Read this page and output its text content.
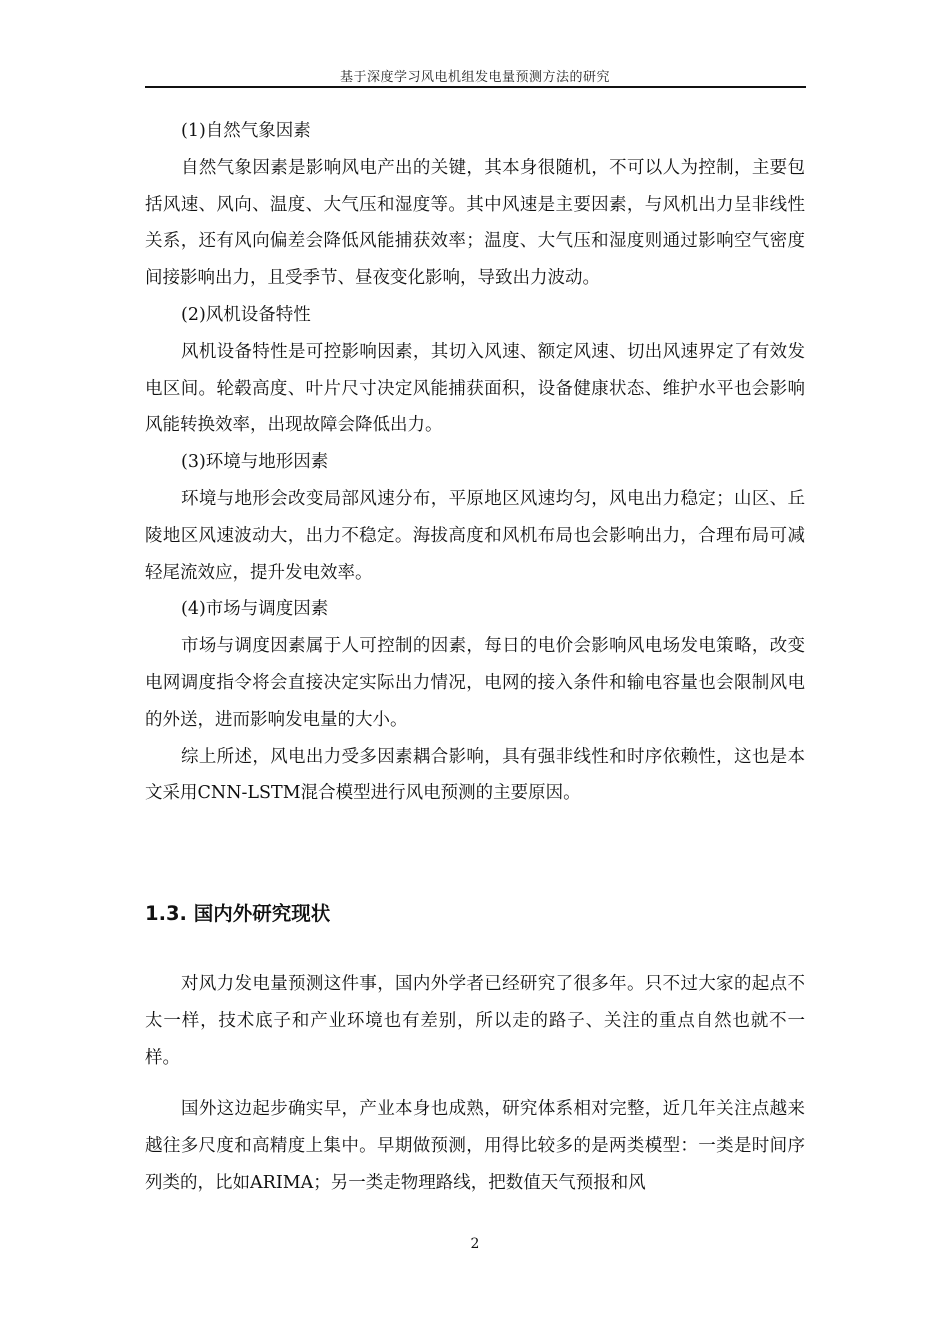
基于深度学习风电机组发电量预测方法的研究

(1)自然气象因素

自然气象因素是影响风电产出的关键，其本身很随机，不可以人为控制，主要包括风速、风向、温度、大气压和湿度等。其中风速是主要因素，与风机出力呈非线性关系，还有风向偏差会降低风能捕获效率；温度、大气压和湿度则通过影响空气密度间接影响出力，且受季节、昼夜变化影响，导致出力波动。

(2)风机设备特性

风机设备特性是可控影响因素，其切入风速、额定风速、切出风速界定了有效发电区间。轮毂高度、叶片尺寸决定风能捕获面积，设备健康状态、维护水平也会影响风能转换效率，出现故障会降低出力。

(3)环境与地形因素

环境与地形会改变局部风速分布，平原地区风速均匀，风电出力稳定；山区、丘陵地区风速波动大，出力不稳定。海拔高度和风机布局也会影响出力，合理布局可减轻尾流效应，提升发电效率。

(4)市场与调度因素

市场与调度因素属于人可控制的因素，每日的电价会影响风电场发电策略，改变电网调度指令将会直接决定实际出力情况，电网的接入条件和输电容量也会限制风电的外送，进而影响发电量的大小。

综上所述，风电出力受多因素耦合影响，具有强非线性和时序依赖性，这也是本文采用CNN-LSTM混合模型进行风电预测的主要原因。

1.3. 国内外研究现状

对风力发电量预测这件事，国内外学者已经研究了很多年。只不过大家的起点不太一样，技术底子和产业环境也有差别，所以走的路子、关注的重点自然也就不一样。

国外这边起步确实早，产业本身也成熟，研究体系相对完整，近几年关注点越来越往多尺度和高精度上集中。早期做预测，用得比较多的是两类模型：一类是时间序列类的，比如ARIMA；另一类走物理路线，把数值天气预报和风

2
